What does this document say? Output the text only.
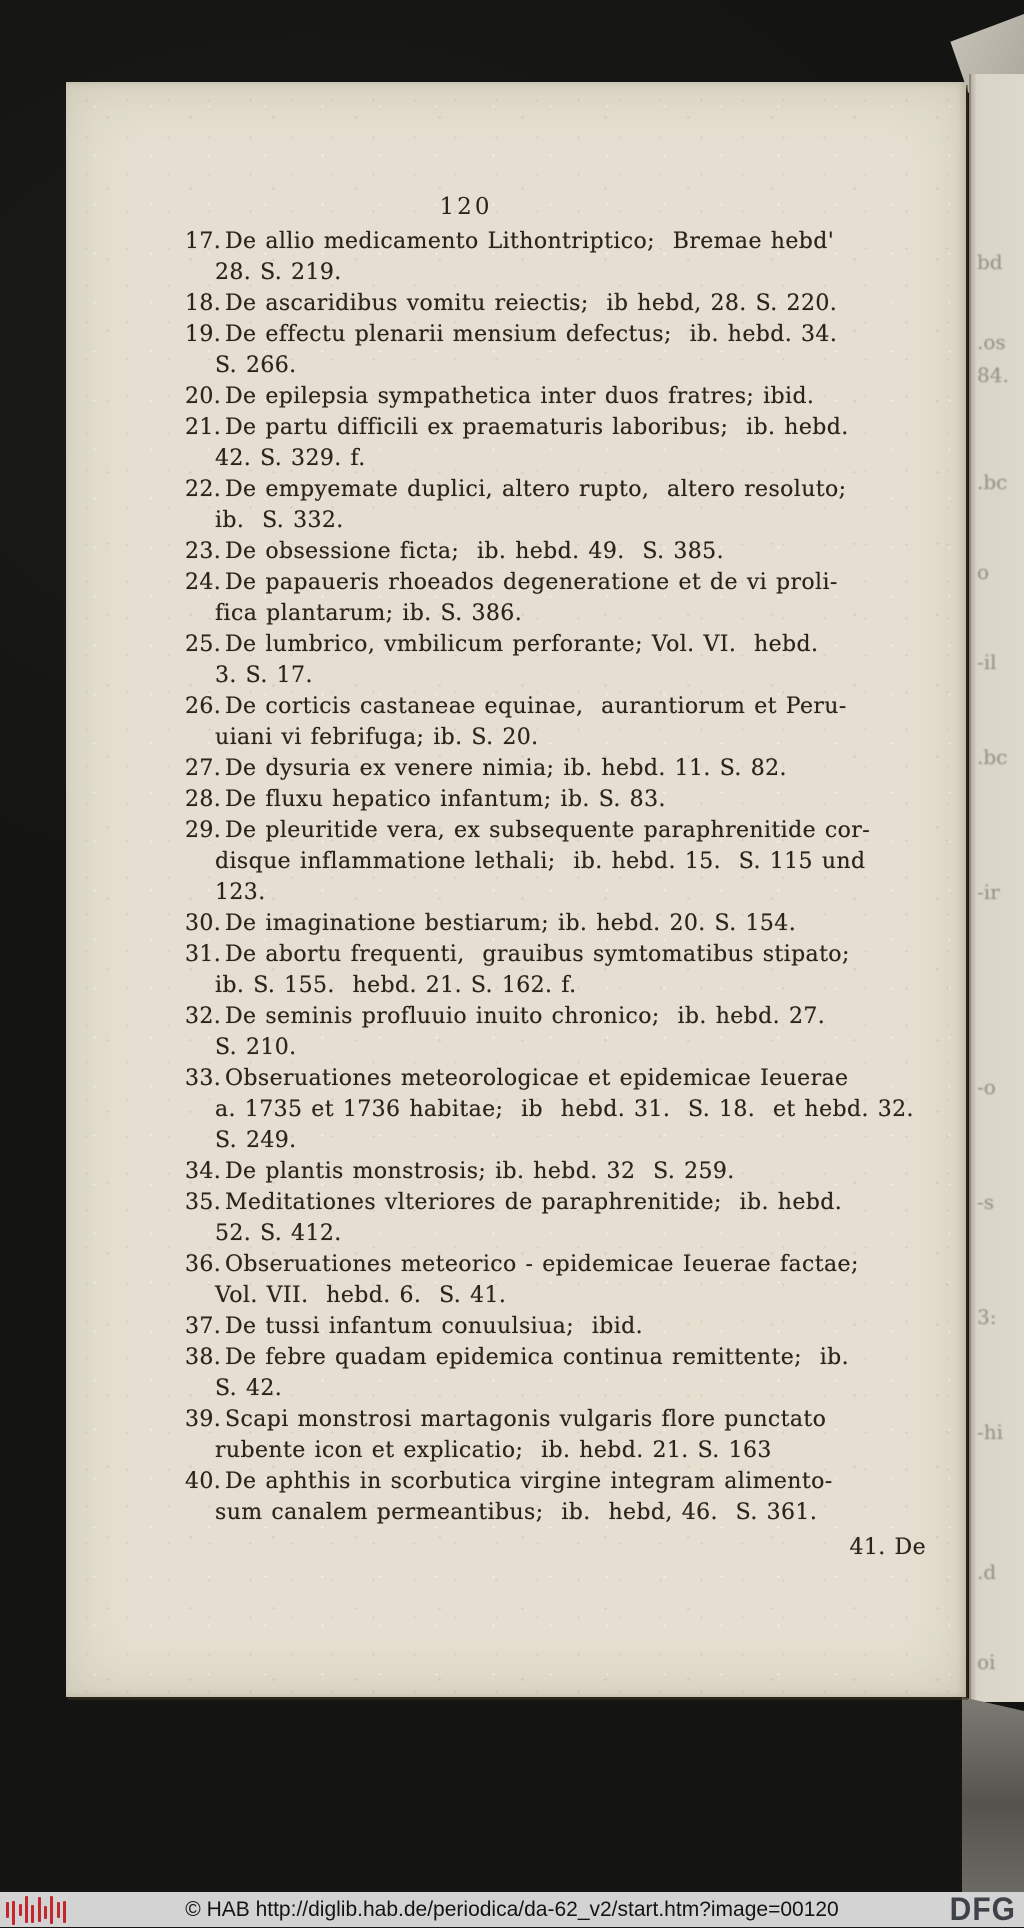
bd
.os
84.
.bc
o
-il
.bc
-ir
-o
-s
3:
-hi
.d
oi
120
17. De allio medicamento Lithontriptico;  Bremae hebd'
28. S. 219.
18. De ascaridibus vomitu reiectis;  ib hebd, 28. S. 220.
19. De effectu plenarii mensium defectus;  ib. hebd. 34.
S. 266.
20. De epilepsia sympathetica inter duos fratres; ibid.
21. De partu difficili ex praematuris laboribus;  ib. hebd.
42. S. 329. f.
22. De empyemate duplici, altero rupto,  altero resoluto;
ib.  S. 332.
23. De obsessione ficta;  ib. hebd. 49.  S. 385.
24. De papaueris rhoeados degeneratione et de vi proli-
fica plantarum; ib. S. 386.
25. De lumbrico, vmbilicum perforante; Vol. VI.  hebd.
3. S. 17.
26. De corticis castaneae equinae,  aurantiorum et Peru-
uiani vi febrifuga; ib. S. 20.
27. De dysuria ex venere nimia; ib. hebd. 11. S. 82.
28. De fluxu hepatico infantum; ib. S. 83.
29. De pleuritide vera, ex subsequente paraphrenitide cor-
disque inflammatione lethali;  ib. hebd. 15.  S. 115 und
123.
30. De imaginatione bestiarum; ib. hebd. 20. S. 154.
31. De abortu frequenti,  grauibus symtomatibus stipato;
ib. S. 155.  hebd. 21. S. 162. f.
32. De seminis profluuio inuito chronico;  ib. hebd. 27.
S. 210.
33. Obseruationes meteorologicae et epidemicae Ieuerae
a. 1735 et 1736 habitae;  ib  hebd. 31.  S. 18.  et hebd. 32.
S. 249.
34. De plantis monstrosis; ib. hebd. 32  S. 259.
35. Meditationes vlteriores de paraphrenitide;  ib. hebd.
52. S. 412.
36. Obseruationes meteorico - epidemicae Ieuerae factae;
Vol. VII.  hebd. 6.  S. 41.
37. De tussi infantum conuulsiua;  ibid.
38. De febre quadam epidemica continua remittente;  ib.
S. 42.
39. Scapi monstrosi martagonis vulgaris flore punctato
rubente icon et explicatio;  ib. hebd. 21. S. 163
40. De aphthis in scorbutica virgine integram alimento-
sum canalem permeantibus;  ib.  hebd, 46.  S. 361.
41. De
© HAB http://diglib.hab.de/periodica/da-62_v2/start.htm?image=00120	DFG
